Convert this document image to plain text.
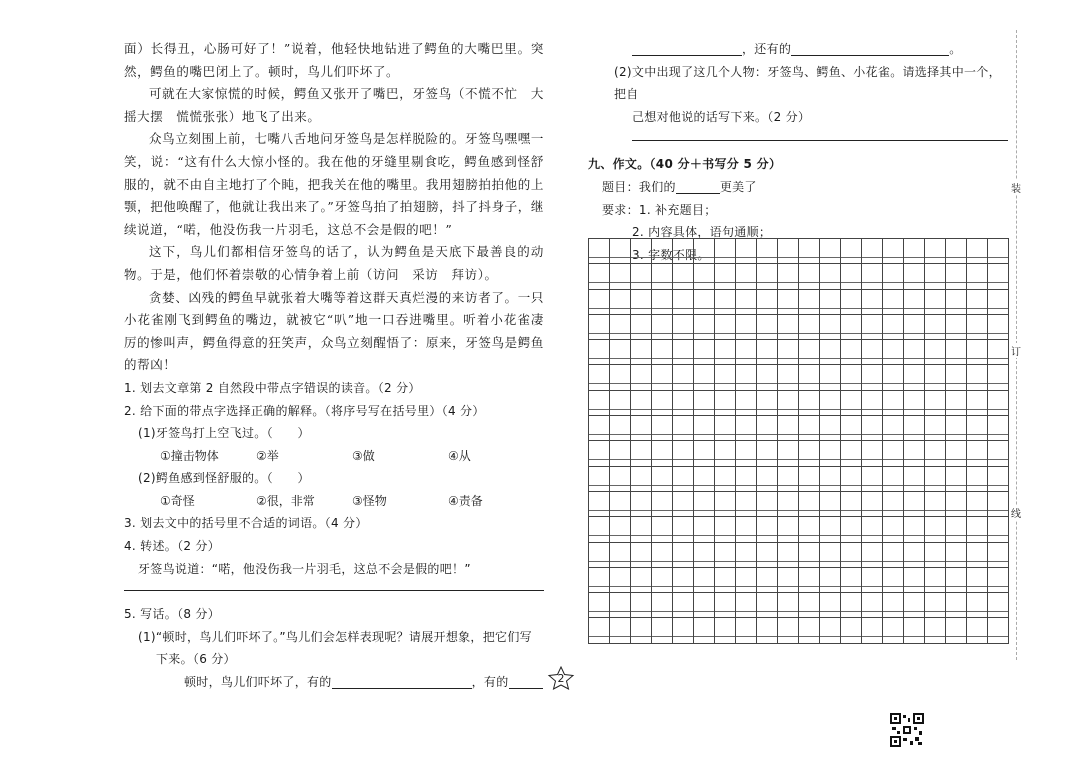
面）长得丑，心肠可好了！”说着，他轻快地钻进了鳄鱼的大嘴巴里。突然，鳄鱼的嘴巴闭上了。顿时，鸟儿们吓坏了。

可就在大家惊慌的时候，鳄鱼又张开了嘴巴，牙签鸟（不慌不忙　大摇大摆　慌慌张张）地飞了出来。

众鸟立刻围上前，七嘴八舌地问牙签鸟是怎样脱险的。牙签鸟嘿嘿一笑，说：“这有什么大惊小怪的。我在他的牙缝里剔食吃，鳄鱼感到怪舒服的，就不由自主地打了个盹，把我关在他的嘴里。我用翅膀拍拍他的上颚，把他唤醒了，他就让我出来了。”牙签鸟拍了拍翅膀，抖了抖身子，继续说道，“喏，他没伤我一片羽毛，这总不会是假的吧！”

这下，鸟儿们都相信牙签鸟的话了，认为鳄鱼是天底下最善良的动物。于是，他们怀着崇敬的心情争着上前（访问　采访　拜访）。

贪婪、凶残的鳄鱼早就张着大嘴等着这群天真烂漫的来访者了。一只小花雀刚飞到鳄鱼的嘴边，就被它“叭”地一口吞进嘴里。听着小花雀凄厉的惨叫声，鳄鱼得意的狂笑声，众鸟立刻醒悟了：原来，牙签鸟是鳄鱼的帮凶！

1. 划去文章第 2 自然段中带点字错误的读音。（2 分）

2. 给下面的带点字选择正确的解释。（将序号写在括号里）（4 分）

(1)牙签鸟打上空飞过。（　　）

①撞击物体	②举	③做	④从

(2)鳄鱼感到怪舒服的。（　　）

①奇怪	②很，非常	③怪物	④责备

3. 划去文中的括号里不合适的词语。（4 分）

4. 转述。（2 分）

牙签鸟说道：“喏，他没伤我一片羽毛，这总不会是假的吧！”

5. 写话。（8 分）

(1)“顿时，鸟儿们吓坏了。”鸟儿们会怎样表现呢？请展开想象，把它们写

下来。（6 分）

顿时，鸟儿们吓坏了，有的	，有的

，还有的	。

(2)文中出现了这几个人物：牙签鸟、鳄鱼、小花雀。请选择其中一个，把自

己想对他说的话写下来。（2 分）

九、作文。（40 分＋书写分 5 分）

题目：我们的	更美了

要求：1. 补充题目；

2. 内容具体，语句通顺；

3. 字数不限。

装
订
线
2
